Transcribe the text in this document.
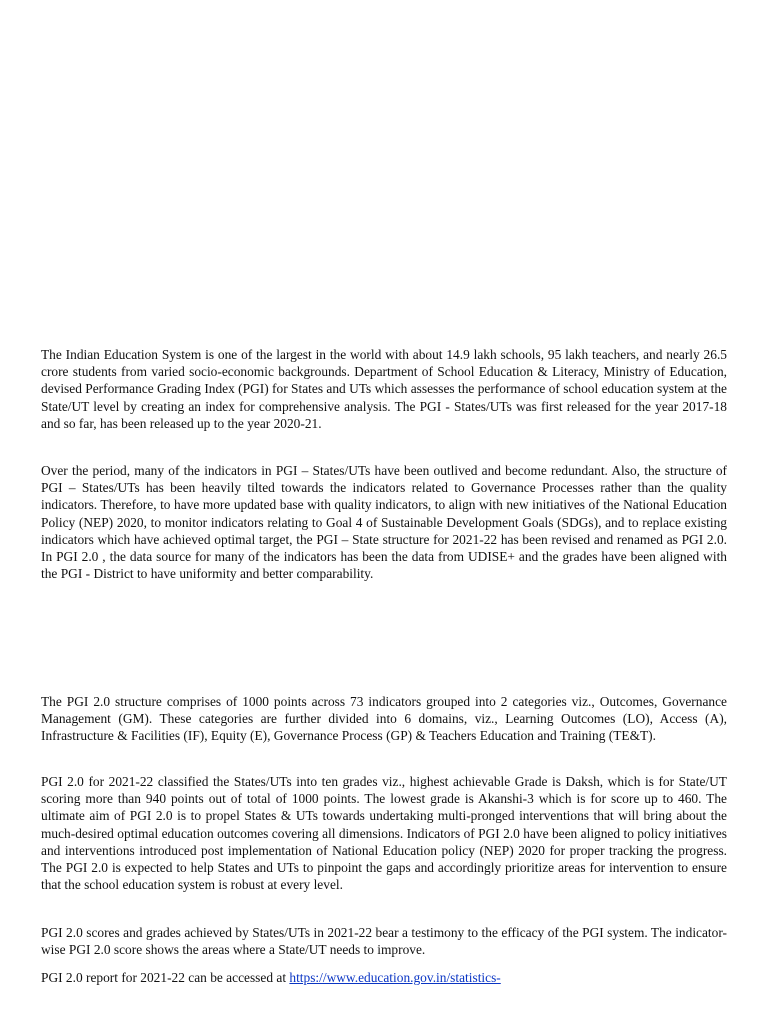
The Indian Education System is one of the largest in the world with about 14.9 lakh schools, 95 lakh teachers, and nearly 26.5 crore students from varied socio-economic backgrounds. Department of School Education & Literacy, Ministry of Education, devised Performance Grading Index (PGI) for States and UTs which assesses the performance of school education system at the State/UT level by creating an index for comprehensive analysis. The PGI - States/UTs was first released for the year 2017-18 and so far, has been released up to the year 2020-21.

Over the period, many of the indicators in PGI – States/UTs have been outlived and become redundant. Also, the structure of PGI – States/UTs has been heavily tilted towards the indicators related to Governance Processes rather than the quality indicators. Therefore, to have more updated base with quality indicators, to align with new initiatives of the National Education Policy (NEP) 2020, to monitor indicators relating to Goal 4 of Sustainable Development Goals (SDGs), and to replace existing indicators which have achieved optimal target, the PGI – State structure for 2021-22 has been revised and renamed as PGI 2.0. In PGI 2.0 , the data source for many of the indicators has been the data from UDISE+ and the grades have been aligned with the PGI - District to have uniformity and better comparability.

The PGI 2.0 structure comprises of 1000 points across 73 indicators grouped into 2 categories viz., Outcomes, Governance Management (GM). These categories are further divided into 6 domains, viz., Learning Outcomes (LO), Access (A), Infrastructure & Facilities (IF), Equity (E), Governance Process (GP) & Teachers Education and Training (TE&T).

PGI 2.0 for 2021-22 classified the States/UTs into ten grades viz., highest achievable Grade is Daksh, which is for State/UT scoring more than 940 points out of total of 1000 points. The lowest grade is Akanshi-3 which is for score up to 460. The ultimate aim of PGI 2.0 is to propel States & UTs towards undertaking multi-pronged interventions that will bring about the much-desired optimal education outcomes covering all dimensions. Indicators of PGI 2.0 have been aligned to policy initiatives and interventions introduced post implementation of National Education policy (NEP) 2020 for proper tracking the progress. The PGI 2.0 is expected to help States and UTs to pinpoint the gaps and accordingly prioritize areas for intervention to ensure that the school education system is robust at every level.

PGI 2.0 scores and grades achieved by States/UTs in 2021-22 bear a testimony to the efficacy of the PGI system. The indicator-wise PGI 2.0 score shows the areas where a State/UT needs to improve.

PGI 2.0 report for 2021-22 can be accessed at https://www.education.gov.in/statistics-
